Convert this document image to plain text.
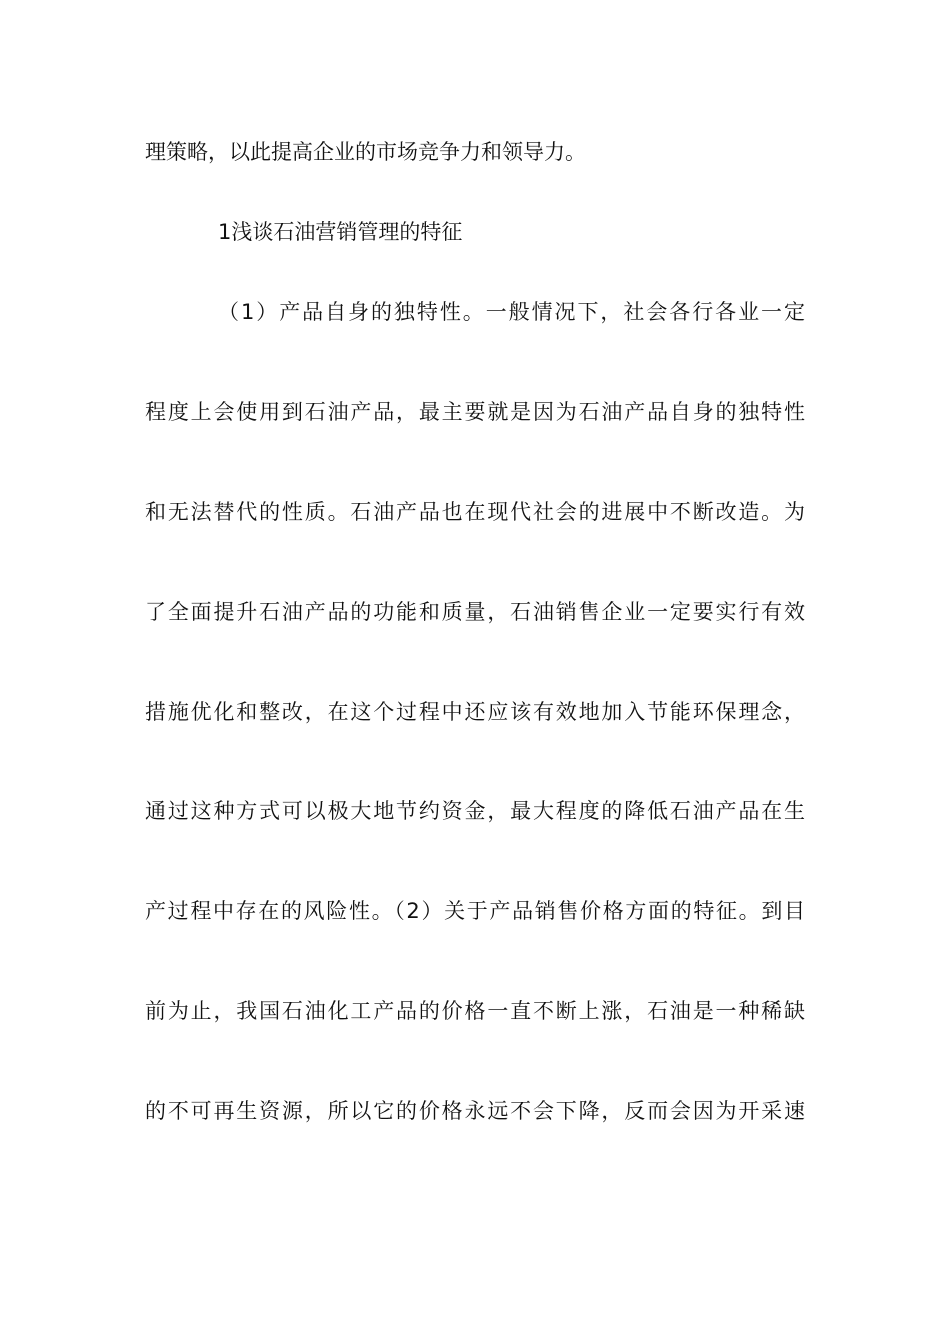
理策略，以此提高企业的市场竞争力和领导力。
1浅谈石油营销管理的特征
（1）产品自身的独特性。一般情况下，社会各行各业一定
程度上会使用到石油产品，最主要就是因为石油产品自身的独特性
和无法替代的性质。石油产品也在现代社会的进展中不断改造。为
了全面提升石油产品的功能和质量，石油销售企业一定要实行有效
措施优化和整改，在这个过程中还应该有效地加入节能环保理念，
通过这种方式可以极大地节约资金，最大程度的降低石油产品在生
产过程中存在的风险性。（2）关于产品销售价格方面的特征。到目
前为止，我国石油化工产品的价格一直不断上涨，石油是一种稀缺
的不可再生资源，所以它的价格永远不会下降，反而会因为开采速
